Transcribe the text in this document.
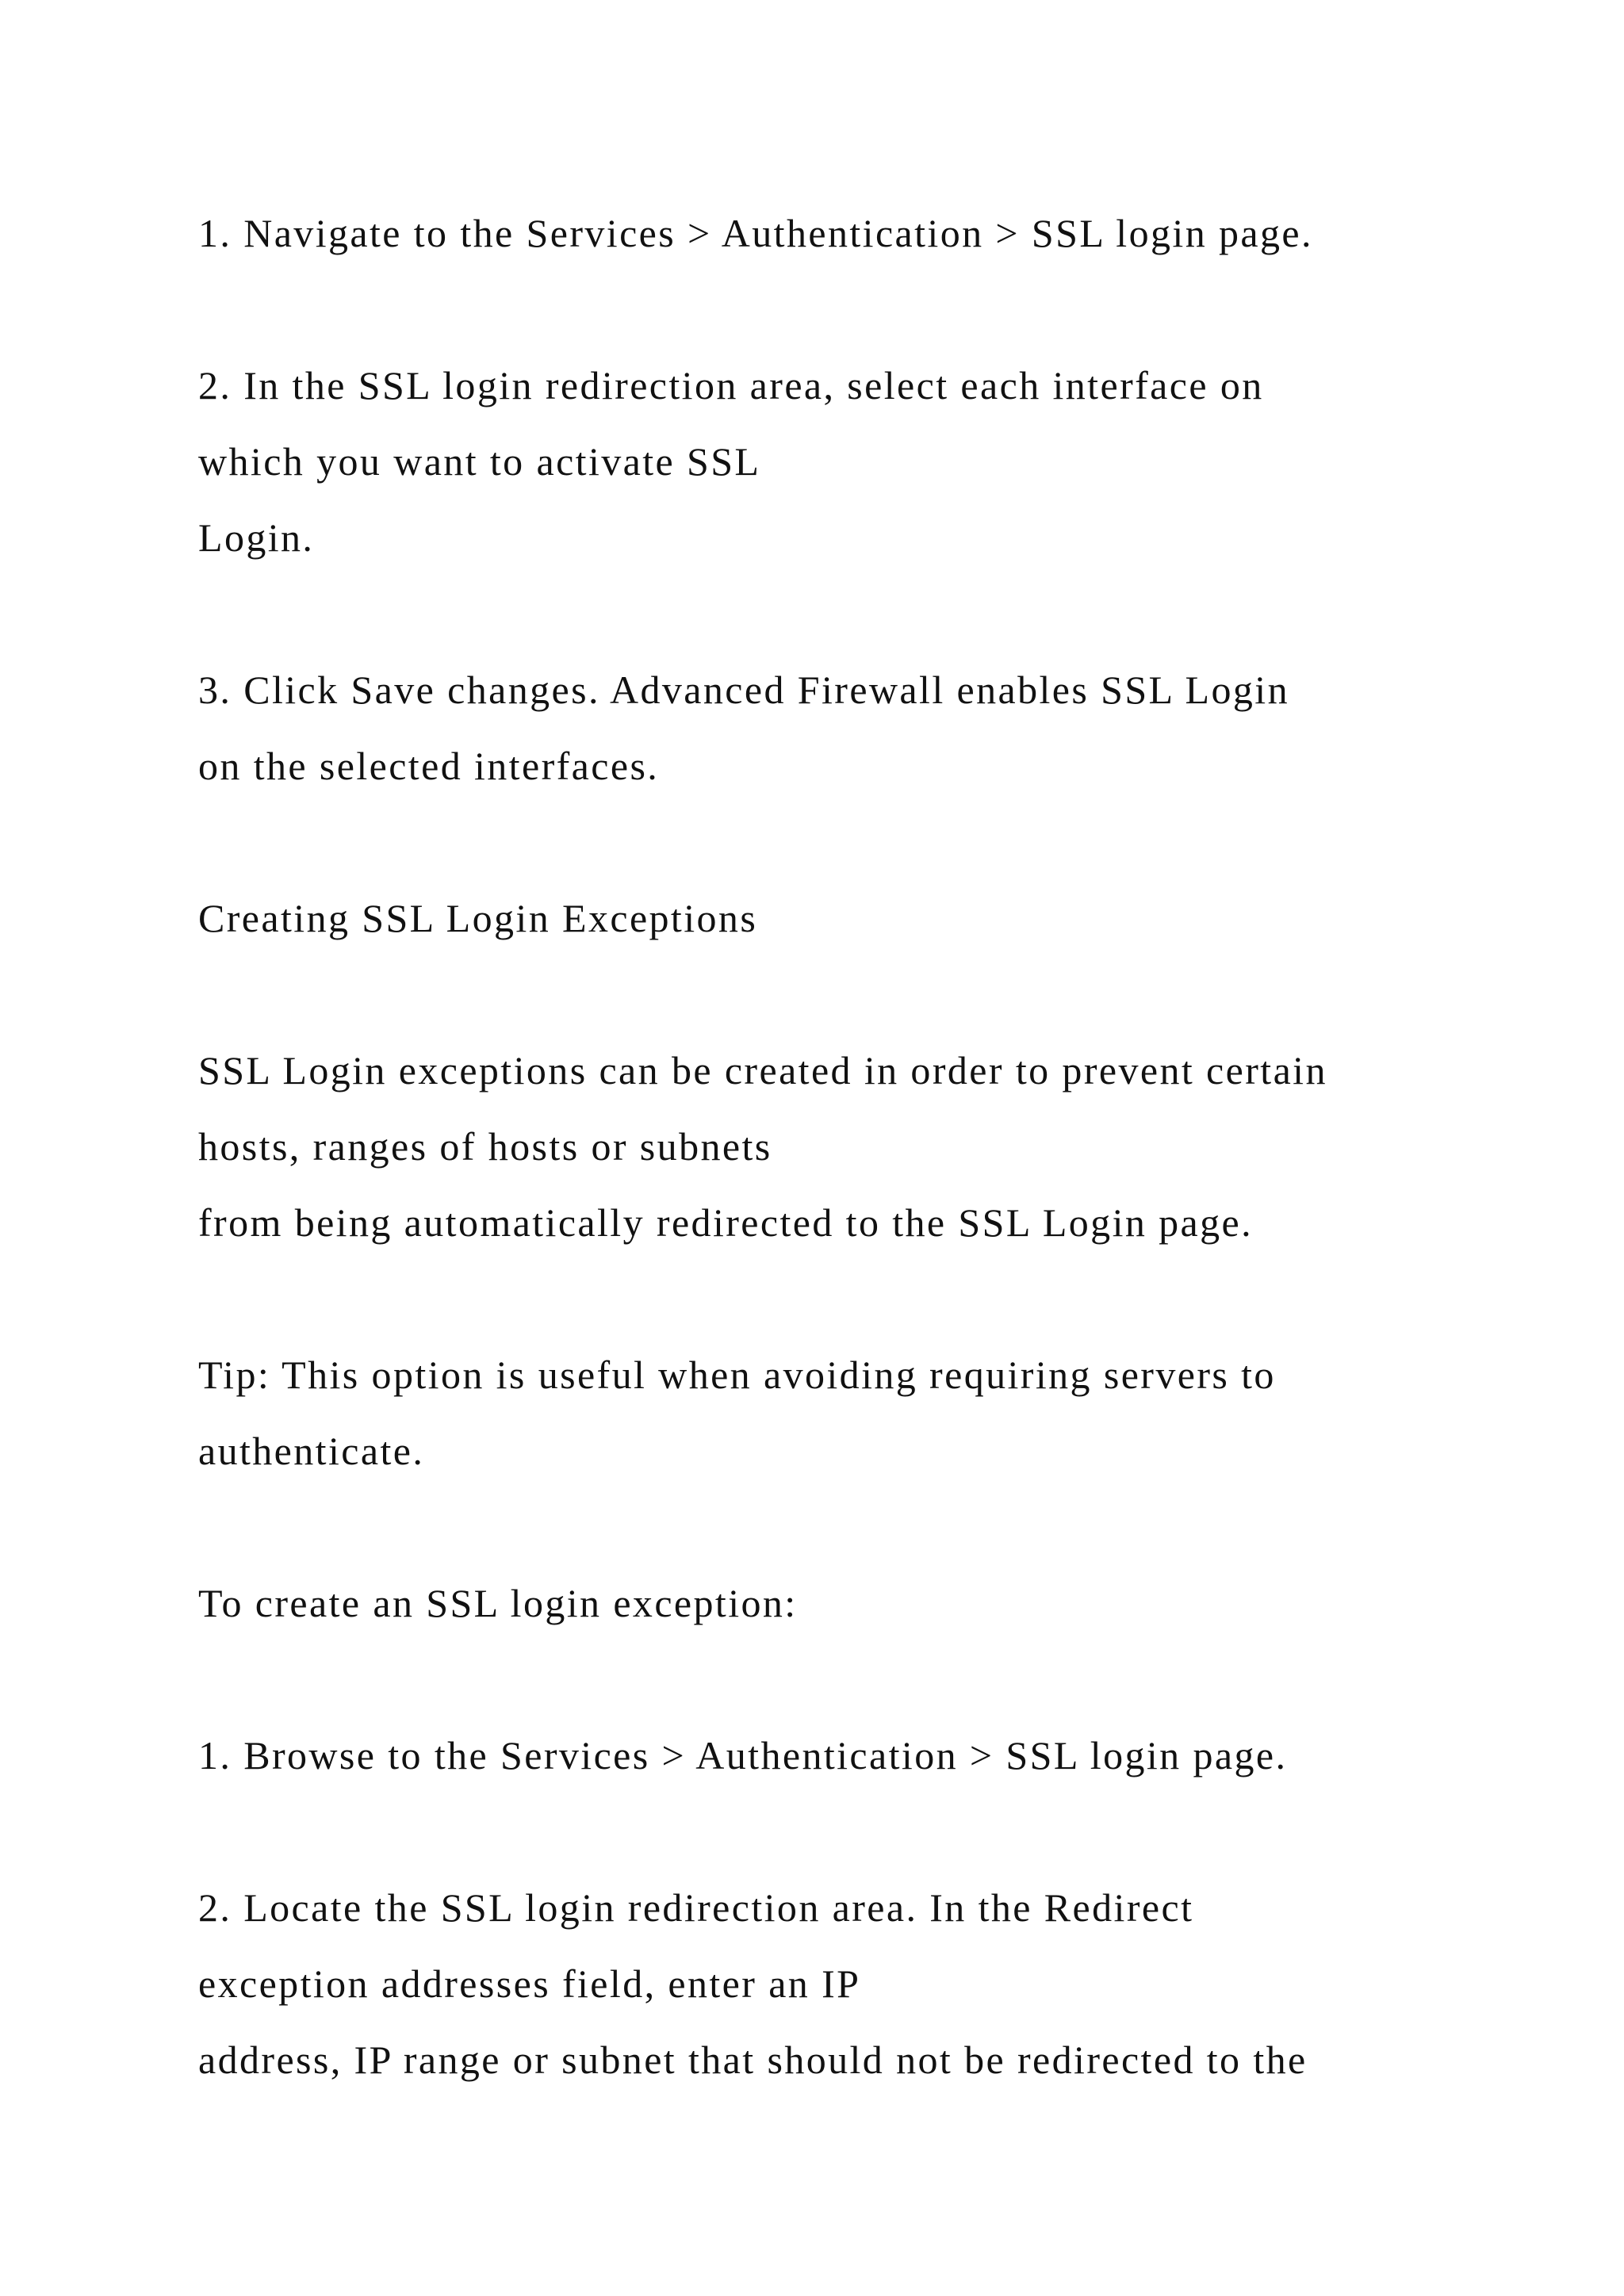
1. Navigate to the Services > Authentication > SSL login page.

2. In the SSL login redirection area, select each interface on
which you want to activate SSL
Login.

3. Click Save changes. Advanced Firewall enables SSL Login
on the selected interfaces.

Creating SSL Login Exceptions

SSL Login exceptions can be created in order to prevent certain
hosts, ranges of hosts or subnets
from being automatically redirected to the SSL Login page.

Tip: This option is useful when avoiding requiring servers to
authenticate.

To create an SSL login exception:

1. Browse to the Services > Authentication > SSL login page.

2. Locate the SSL login redirection area. In the Redirect
exception addresses field, enter an IP
address, IP range or subnet that should not be redirected to the
